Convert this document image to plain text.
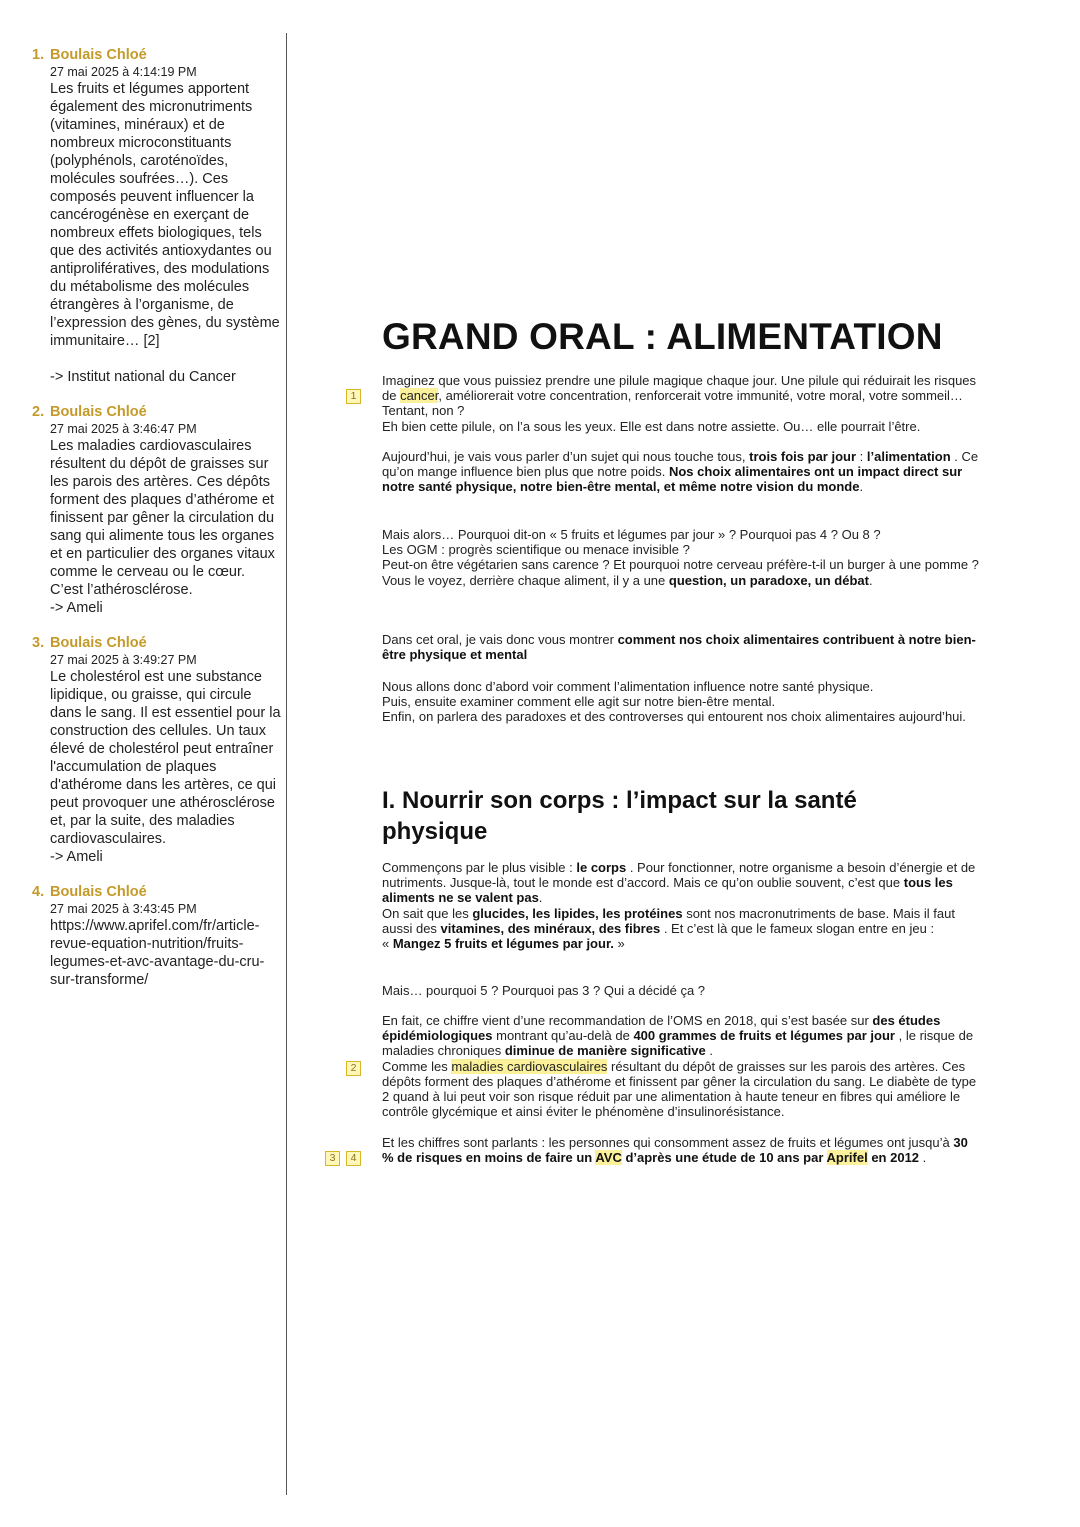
1. Boulais Chloé
27 mai 2025 à 4:14:19 PM
Les fruits et légumes apportent également des micronutriments (vitamines, minéraux) et de nombreux microconstituants (polyphénols, caroténoïdes, molécules soufrées…). Ces composés peuvent influencer la cancérogénèse en exerçant de nombreux effets biologiques, tels que des activités antioxydantes ou antiprolifératives, des modulations du métabolisme des molécules étrangères à l’organisme, de l’expression des gènes, du système immunitaire… [2]

-> Institut national du Cancer
2. Boulais Chloé
27 mai 2025 à 3:46:47 PM
Les maladies cardiovasculaires résultent du dépôt de graisses sur les parois des artères. Ces dépôts forment des plaques d’athérome et finissent par gêner la circulation du sang qui alimente tous les organes et en particulier des organes vitaux comme le cerveau ou le cœur. C’est l’athérosclérose.
-> Ameli
3. Boulais Chloé
27 mai 2025 à 3:49:27 PM
Le cholestérol est une substance lipidique, ou graisse, qui circule dans le sang. Il est essentiel pour la construction des cellules. Un taux élevé de cholestérol peut entraîner l'accumulation de plaques d'athérome dans les artères, ce qui peut provoquer une athérosclérose et, par la suite, des maladies cardiovasculaires.
-> Ameli
4. Boulais Chloé
27 mai 2025 à 3:43:45 PM
https://www.aprifel.com/fr/article-revue-equation-nutrition/fruits-legumes-et-avc-avantage-du-cru-sur-transforme/
GRAND ORAL : ALIMENTATION
I. Nourrir son corps : l’impact sur la santé physique
1
2
3	4
Imaginez que vous puissiez prendre une pilule magique chaque jour. Une pilule qui réduirait les risques de cancer, améliorerait votre concentration, renforcerait votre immunité, votre moral, votre sommeil… Tentant, non ?
Eh bien cette pilule, on l’a sous les yeux. Elle est dans notre assiette. Ou… elle pourrait l’être.
Aujourd’hui, je vais vous parler d’un sujet qui nous touche tous, trois fois par jour : l’alimentation . Ce qu’on mange influence bien plus que notre poids. Nos choix alimentaires ont un impact direct sur notre santé physique, notre bien-être mental, et même notre vision du monde.
Mais alors… Pourquoi dit-on « 5 fruits et légumes par jour » ? Pourquoi pas 4 ? Ou 8 ?
Les OGM : progrès scientifique ou menace invisible ?
Peut-on être végétarien sans carence ? Et pourquoi notre cerveau préfère-t-il un burger à une pomme ?
Vous le voyez, derrière chaque aliment, il y a une question, un paradoxe, un débat.
Dans cet oral, je vais donc vous montrer comment nos choix alimentaires contribuent à notre bien-être physique et mental
Nous allons donc d’abord voir comment l’alimentation influence notre santé physique.
Puis, ensuite examiner comment elle agit sur notre bien-être mental.
Enfin, on parlera des paradoxes et des controverses qui entourent nos choix alimentaires aujourd’hui.
Commençons par le plus visible : le corps . Pour fonctionner, notre organisme a besoin d’énergie et de nutriments. Jusque-là, tout le monde est d’accord. Mais ce qu’on oublie souvent, c’est que tous les aliments ne se valent pas.
On sait que les glucides, les lipides, les protéines sont nos macronutriments de base. Mais il faut aussi des vitamines, des minéraux, des fibres . Et c’est là que le fameux slogan entre en jeu :
« Mangez 5 fruits et légumes par jour. »
Mais… pourquoi 5 ? Pourquoi pas 3 ? Qui a décidé ça ?
En fait, ce chiffre vient d’une recommandation de l’OMS en 2018, qui s’est basée sur des études épidémiologiques montrant qu’au-delà de 400 grammes de fruits et légumes par jour , le risque de maladies chroniques diminue de manière significative .
Comme les maladies cardiovasculaires résultant du dépôt de graisses sur les parois des artères. Ces dépôts forment des plaques d’athérome et finissent par gêner la circulation du sang. Le diabète de type 2 quand à lui peut voir son risque réduit par une alimentation à haute teneur en fibres qui améliore le contrôle glycémique et ainsi éviter le phénomène d’insulinorésistance.
Et les chiffres sont parlants : les personnes qui consomment assez de fruits et légumes ont jusqu’à 30 % de risques en moins de faire un AVC d’après une étude de 10 ans par Aprifel en 2012 .
